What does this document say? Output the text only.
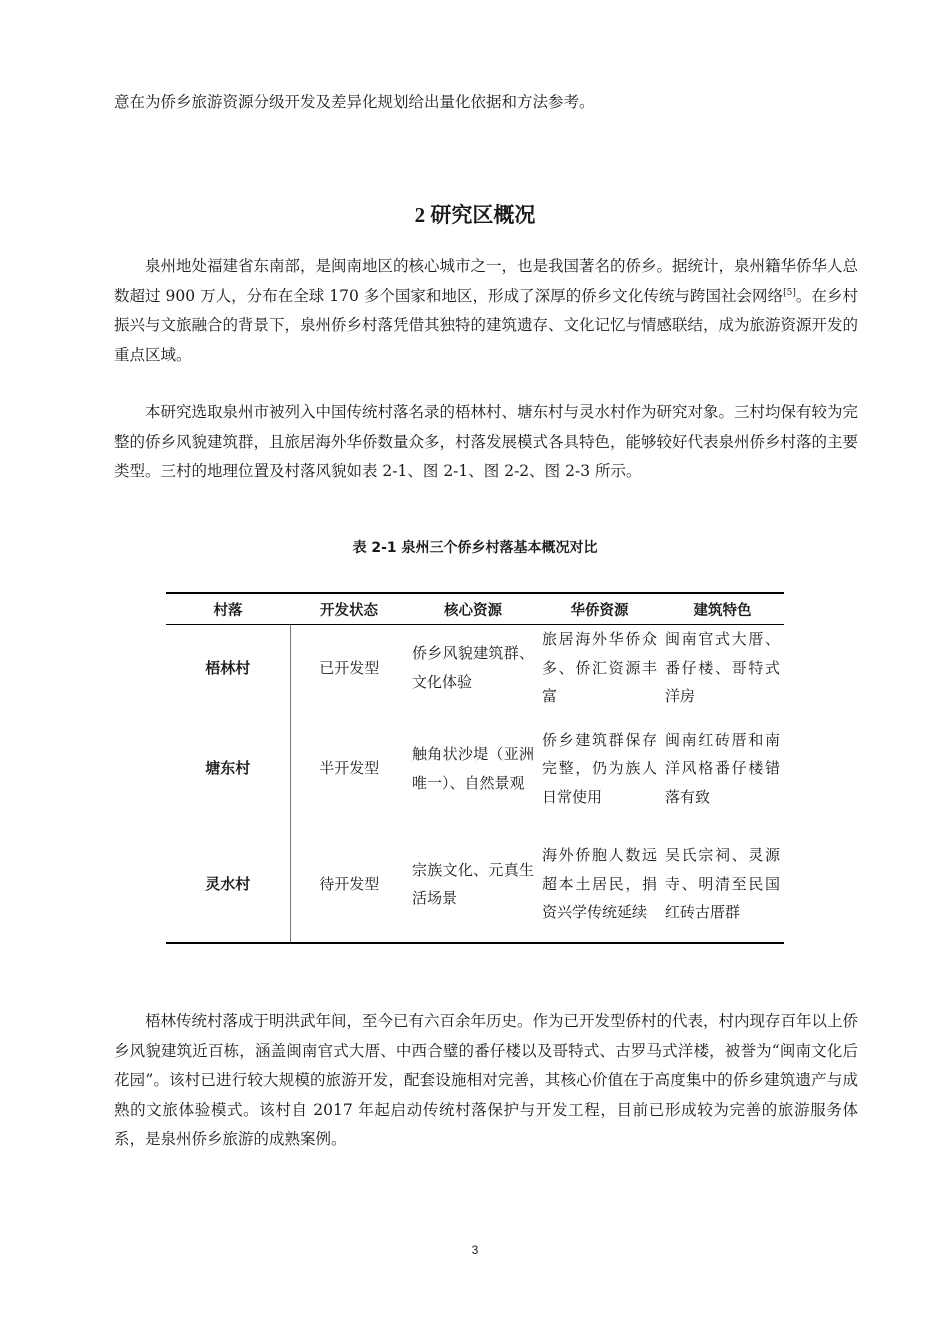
意在为侨乡旅游资源分级开发及差异化规划给出量化依据和方法参考。

2 研究区概况

泉州地处福建省东南部，是闽南地区的核心城市之一，也是我国著名的侨乡。据统计，泉州籍华侨华人总数超过 900 万人，分布在全球 170 多个国家和地区，形成了深厚的侨乡文化传统与跨国社会网络[5]。在乡村振兴与文旅融合的背景下，泉州侨乡村落凭借其独特的建筑遗存、文化记忆与情感联结，成为旅游资源开发的重点区域。

本研究选取泉州市被列入中国传统村落名录的梧林村、塘东村与灵水村作为研究对象。三村均保有较为完整的侨乡风貌建筑群，且旅居海外华侨数量众多，村落发展模式各具特色，能够较好代表泉州侨乡村落的主要类型。三村的地理位置及村落风貌如表 2-1、图 2-1、图 2-2、图 2-3 所示。

表 2-1 泉州三个侨乡村落基本概况对比
村落	开发状态	核心资源	华侨资源	建筑特色
梧林村	已开发型	侨乡风貌建筑群、文化体验	旅居海外华侨众多、侨汇资源丰富	闽南官式大厝、番仔楼、哥特式洋房
塘东村	半开发型	触角状沙堤（亚洲唯一）、自然景观	侨乡建筑群保存完整，仍为族人日常使用	闽南红砖厝和南洋风格番仔楼错落有致
灵水村	待开发型	宗族文化、元真生活场景	海外侨胞人数远超本土居民，捐资兴学传统延续	吴氏宗祠、灵源寺、明清至民国红砖古厝群

梧林传统村落成于明洪武年间，至今已有六百余年历史。作为已开发型侨村的代表，村内现存百年以上侨乡风貌建筑近百栋，涵盖闽南官式大厝、中西合璧的番仔楼以及哥特式、古罗马式洋楼，被誉为“闽南文化后花园”。该村已进行较大规模的旅游开发，配套设施相对完善，其核心价值在于高度集中的侨乡建筑遗产与成熟的文旅体验模式。该村自 2017 年起启动传统村落保护与开发工程，目前已形成较为完善的旅游服务体系，是泉州侨乡旅游的成熟案例。

3
